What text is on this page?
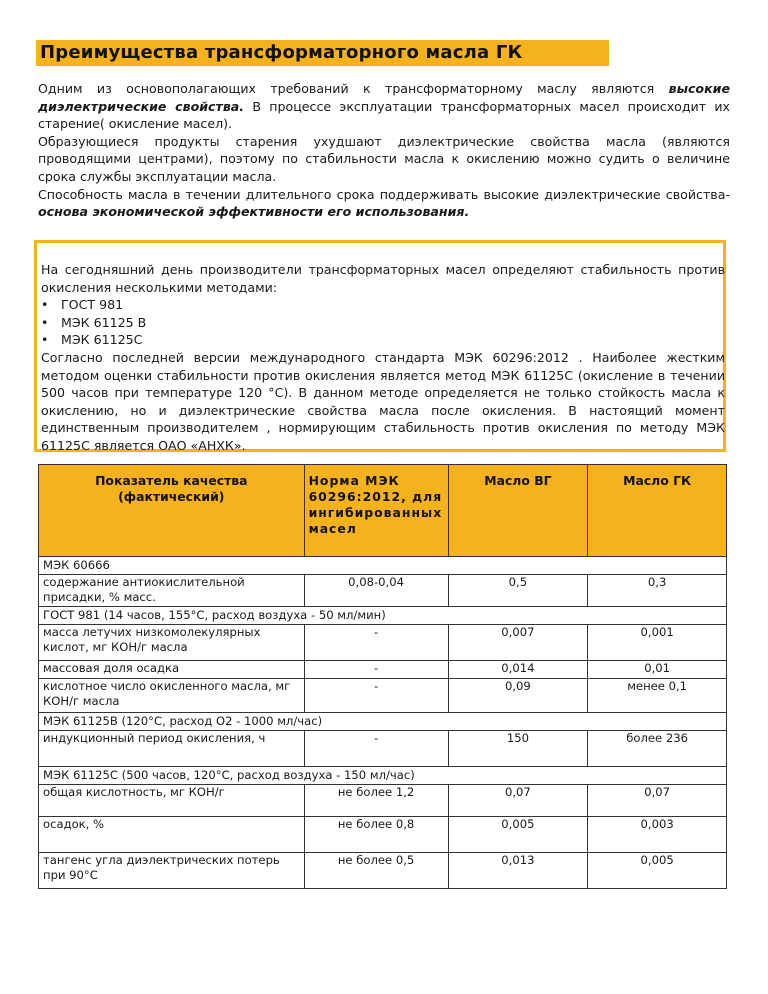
Преимущества трансформаторного масла ГК

Одним из основополагающих требований к трансформаторному маслу являются высокие диэлектрические свойства. В процессе эксплуатации трансформаторных масел происходит их старение( окисление масел).

Образующиеся продукты старения ухудшают диэлектрические свойства масла (являются проводящими центрами), поэтому по стабильности масла к окислению можно судить о величине срока службы эксплуатации масла.

Способность масла в течении длительного срока поддерживать высокие диэлектрические свойства- основа экономической эффективности его использования.

На сегодняшний день производители трансформаторных масел определяют стабильность против окисления несколькими методами:

• ГОСТ 981
• МЭК 61125 В
• МЭК 61125С

Согласно последней версии международного стандарта МЭК 60296:2012 . Наиболее жестким методом оценки стабильности против окисления является метод МЭК 61125С (окисление в течении 500 часов при температуре 120 °С). В данном методе определяется не только стойкость масла к окислению, но и диэлектрические свойства масла после окисления. В настоящий момент единственным производителем , нормирующим стабильность против окисления по методу МЭК 61125С является ОАО «АНХК».

Показатель качества (фактический)	Норма МЭК 60296:2012, для ингибированных масел	Масло ВГ	Масло ГК
МЭК 60666			
содержание антиокислительной присадки, % масс.	0,08-0,04	0,5	0,3
ГОСТ 981 (14 часов, 155°С, расход воздуха - 50 мл/мин)			
масса летучих низкомолекулярных кислот, мг КОН/г масла	-	0,007	0,001
массовая доля осадка	-	0,014	0,01
кислотное число окисленного масла, мг КОН/г масла	-	0,09	менее 0,1
МЭК 61125В (120°С, расход О2 - 1000 мл/час)			
индукционный период окисления, ч	-	150	более 236
МЭК 61125С (500 часов, 120°С, расход воздуха - 150 мл/час)			
общая кислотность, мг КОН/г	не более 1,2	0,07	0,07
осадок, %	не более 0,8	0,005	0,003
тангенс угла диэлектрических потерь при 90°С	не более 0,5	0,013	0,005
